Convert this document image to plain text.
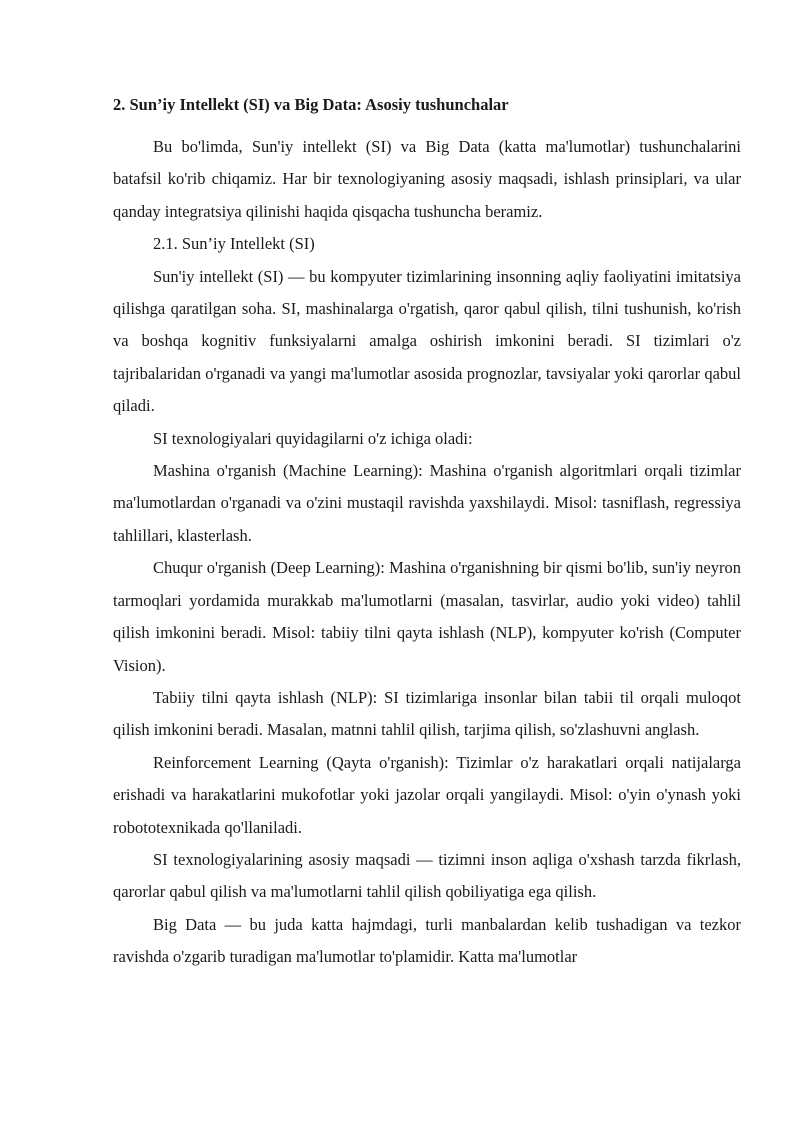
2. Sun’iy Intellekt (SI) va Big Data: Asosiy tushunchalar

Bu bo'limda, Sun'iy intellekt (SI) va Big Data (katta ma'lumotlar) tushunchalarini batafsil ko'rib chiqamiz. Har bir texnologiyaning asosiy maqsadi, ishlash prinsiplari, va ular qanday integratsiya qilinishi haqida qisqacha tushuncha beramiz.

2.1. Sun’iy Intellekt (SI)

Sun'iy intellekt (SI) — bu kompyuter tizimlarining insonning aqliy faoliyatini imitatsiya qilishga qaratilgan soha. SI, mashinalarga o'rgatish, qaror qabul qilish, tilni tushunish, ko'rish va boshqa kognitiv funksiyalarni amalga oshirish imkonini beradi. SI tizimlari o'z tajribalaridan o'rganadi va yangi ma'lumotlar asosida prognozlar, tavsiyalar yoki qarorlar qabul qiladi.

SI texnologiyalari quyidagilarni o'z ichiga oladi:

Mashina o'rganish (Machine Learning): Mashina o'rganish algoritmlari orqali tizimlar ma'lumotlardan o'rganadi va o'zini mustaqil ravishda yaxshilaydi. Misol: tasniflash, regressiya tahlillari, klasterlash.

Chuqur o'rganish (Deep Learning): Mashina o'rganishning bir qismi bo'lib, sun'iy neyron tarmoqlari yordamida murakkab ma'lumotlarni (masalan, tasvirlar, audio yoki video) tahlil qilish imkonini beradi. Misol: tabiiy tilni qayta ishlash (NLP), kompyuter ko'rish (Computer Vision).

Tabiiy tilni qayta ishlash (NLP): SI tizimlariga insonlar bilan tabii til orqali muloqot qilish imkonini beradi. Masalan, matnni tahlil qilish, tarjima qilish, so'zlashuvni anglash.

Reinforcement Learning (Qayta o'rganish): Tizimlar o'z harakatlari orqali natijalarga erishadi va harakatlarini mukofotlar yoki jazolar orqali yangilaydi. Misol: o'yin o'ynash yoki robototexnikada qo'llaniladi.

SI texnologiyalarining asosiy maqsadi — tizimni inson aqliga o'xshash tarzda fikrlash, qarorlar qabul qilish va ma'lumotlarni tahlil qilish qobiliyatiga ega qilish.

Big Data — bu juda katta hajmdagi, turli manbalardan kelib tushadigan va tezkor ravishda o'zgarib turadigan ma'lumotlar to'plamidir. Katta ma'lumotlar
